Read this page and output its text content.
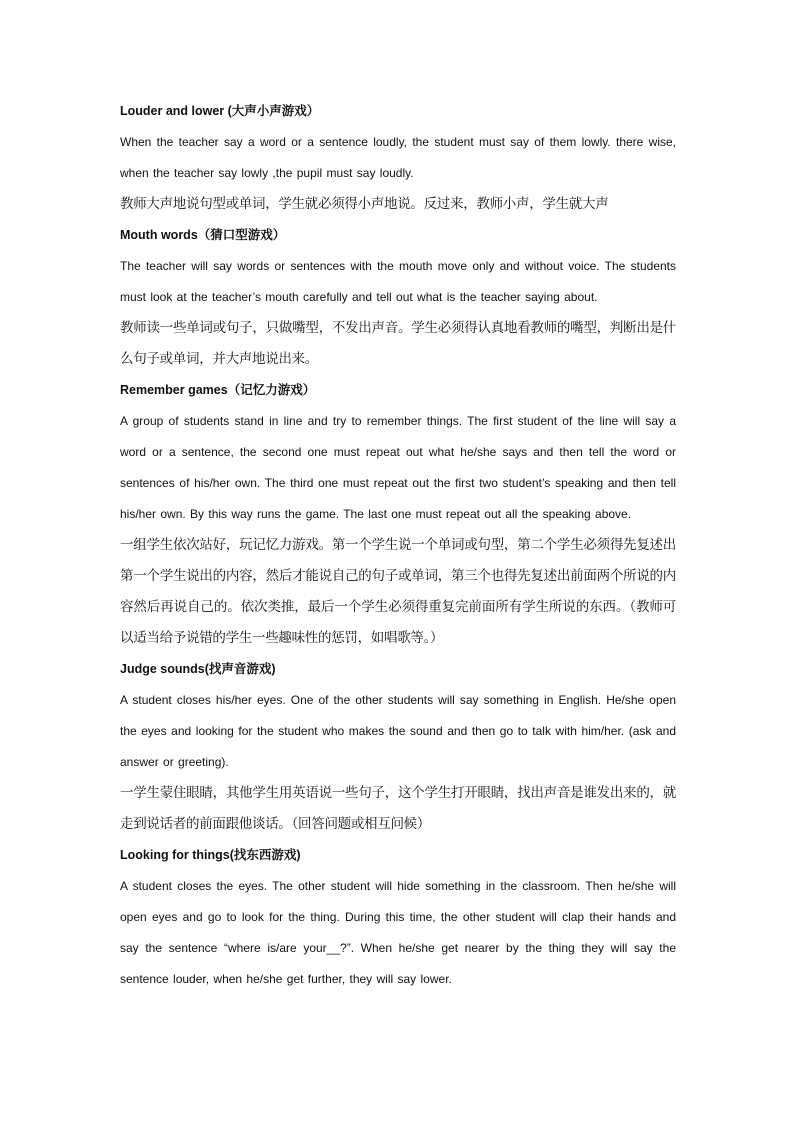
Louder and lower (大声小声游戏）

When the teacher say a word or a sentence loudly, the student must say of them lowly. there wise, when the teacher say lowly ,the pupil must say loudly.

教师大声地说句型或单词，学生就必须得小声地说。反过来，教师小声，学生就大声

Mouth words（猜口型游戏）

The teacher will say words or sentences with the mouth move only and without voice. The students must look at the teacher’s mouth carefully and tell out what is the teacher saying about.

教师读一些单词或句子，只做嘴型，不发出声音。学生必须得认真地看教师的嘴型，判断出是什么句子或单词，并大声地说出来。

Remember games（记忆力游戏）

A group of students stand in line and try to remember things. The first student of the line will say a word or a sentence, the second one must repeat out what he/she says and then tell the word or sentences of his/her own. The third one must repeat out the first two student’s speaking and then tell his/her own. By this way runs the game. The last one must repeat out all the speaking above.

一组学生依次站好，玩记忆力游戏。第一个学生说一个单词或句型，第二个学生必须得先复述出第一个学生说出的内容，然后才能说自己的句子或单词，第三个也得先复述出前面两个所说的内容然后再说自己的。依次类推，最后一个学生必须得重复完前面所有学生所说的东西。（教师可以适当给予说错的学生一些趣味性的惩罚，如唱歌等。）

Judge sounds(找声音游戏)

A student closes his/her eyes. One of the other students will say something in English. He/she open the eyes and looking for the student who makes the sound and then go to talk with him/her. (ask and answer or greeting).

一学生蒙住眼睛，其他学生用英语说一些句子，这个学生打开眼睛，找出声音是谁发出来的，就走到说话者的前面跟他谈话。（回答问题或相互问候）

Looking for things(找东西游戏)

A student closes the eyes. The other student will hide something in the classroom. Then he/she will open eyes and go to look for the thing. During this time, the other student will clap their hands and say the sentence “where is/are your__?”. When he/she get nearer by the thing they will say the sentence louder, when he/she get further, they will say lower.
